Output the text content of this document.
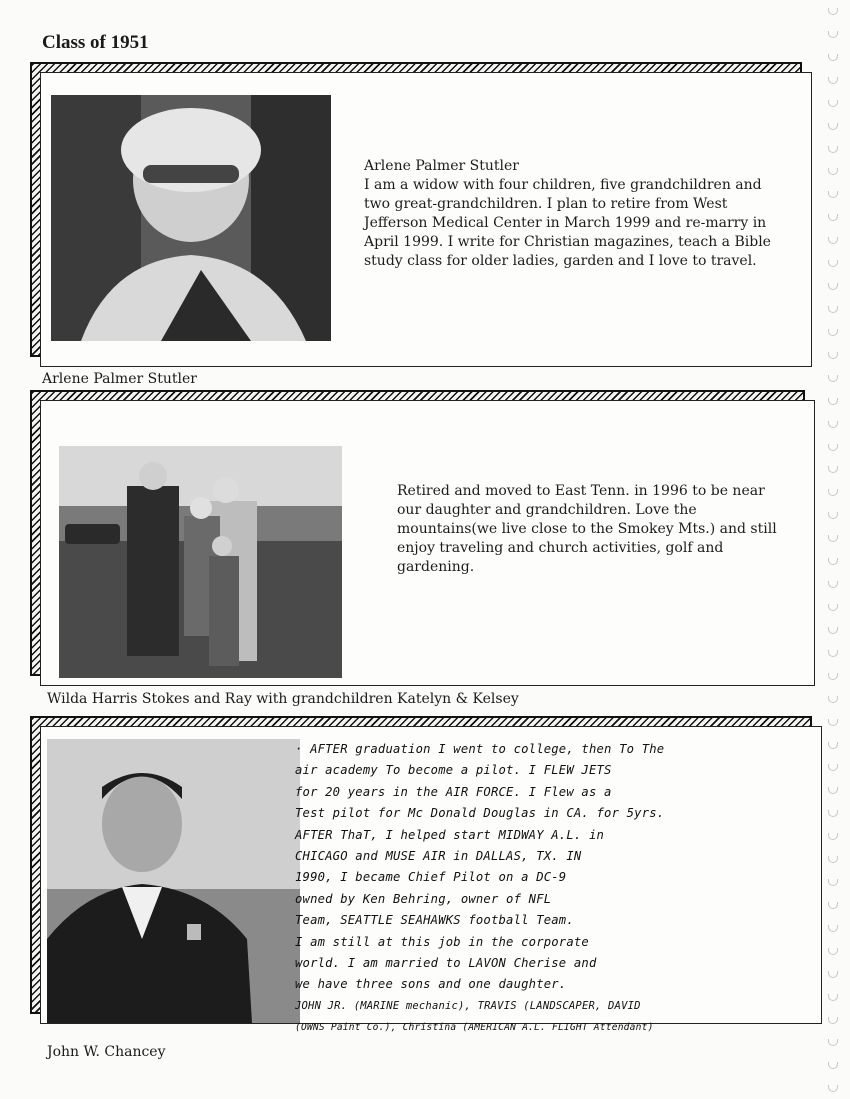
Class of 1951

Arlene Palmer Stutler

I am a widow with four children, five grandchildren and two great-grandchildren. I plan to retire from West Jefferson Medical Center in March 1999 and re-marry in April 1999. I write for Christian magazines, teach a Bible study class for older ladies, garden and I love to travel.

Arlene Palmer Stutler

Retired and moved to East Tenn. in 1996 to be near our daughter and grandchildren. Love the mountains(we live close to the Smokey Mts.) and still enjoy traveling and church activities, golf and gardening.

Wilda Harris Stokes and Ray with grandchildren Katelyn & Kelsey

· AFTER graduation I went to college, then To The
air academy To become a pilot. I FLEW JETS
for 20 years in the AIR FORCE. I Flew as a
Test pilot for Mc Donald Douglas in CA. for 5yrs.
AFTER ThaT, I helped start MIDWAY A.L. in
CHICAGO and MUSE AIR in DALLAS, TX. IN
1990, I became Chief Pilot on a DC-9
owned by Ken Behring, owner of NFL
Team, SEATTLE SEAHAWKS football Team.
I am still at this job in the corporate
world. I am married to LAVON Cherise and
we have three sons and one daughter.
JOHN JR. (MARINE mechanic), TRAVIS (LANDSCAPER, DAVID
(OWNS Paint Co.), Christina (AMERICAN A.L. FLIGHT Attendant)

John W. Chancey
